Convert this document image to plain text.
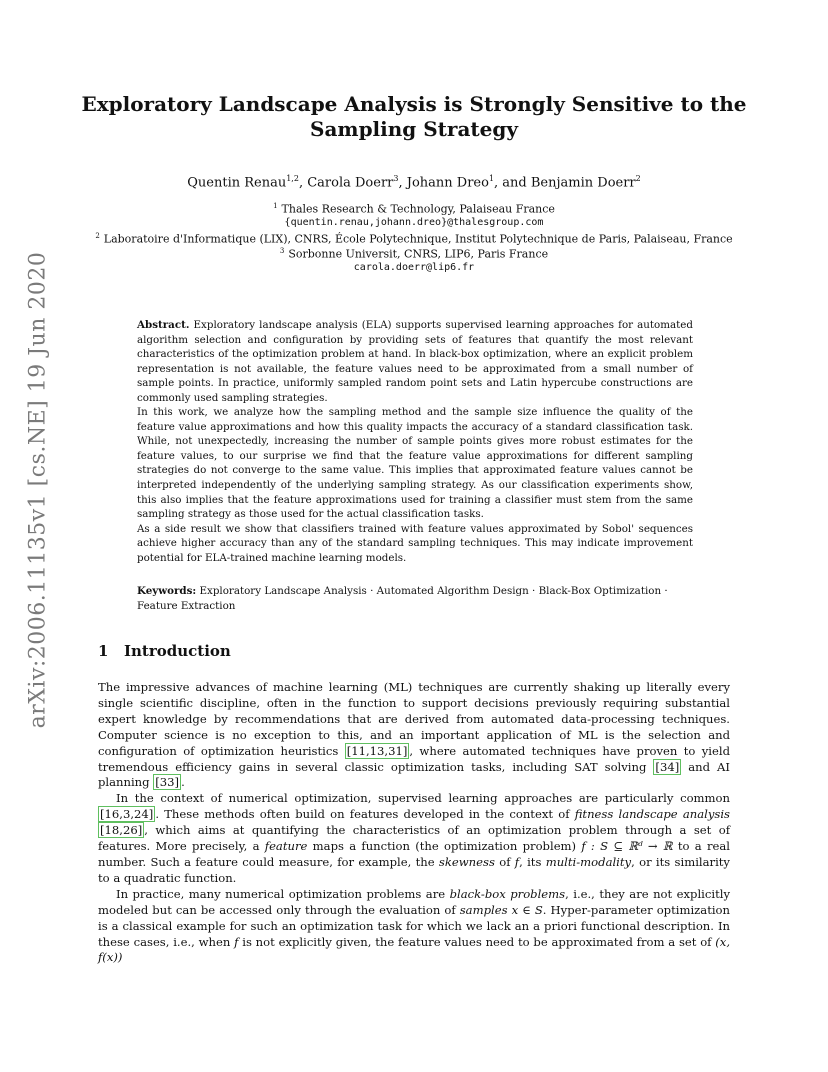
arXiv:2006.11135v1 [cs.NE] 19 Jun 2020
Exploratory Landscape Analysis is Strongly Sensitive to the
Sampling Strategy
Quentin Renau$^{1,2}$, Carola Doerr$^3$, Johann Dreo$^1$, and Benjamin Doerr$^2$
$^1$ Thales Research & Technology, Palaiseau France
{quentin.renau,johann.dreo}@thalesgroup.com
$^2$ Laboratoire d'Informatique (LIX), CNRS, École Polytechnique, Institut Polytechnique de Paris, Palaiseau, France
$^3$ Sorbonne Universit, CNRS, LIP6, Paris France
carola.doerr@lip6.fr

Abstract. Exploratory landscape analysis (ELA) supports supervised learning approaches for automated algorithm selection and configuration by providing sets of features that quantify the most relevant characteristics of the optimization problem at hand. In black-box optimization, where an explicit problem representation is not available, the feature values need to be approximated from a small number of sample points. In practice, uniformly sampled random point sets and Latin hypercube constructions are commonly used sampling strategies.

In this work, we analyze how the sampling method and the sample size influence the quality of the feature value approximations and how this quality impacts the accuracy of a standard classification task. While, not unexpectedly, increasing the number of sample points gives more robust estimates for the feature values, to our surprise we find that the feature value approximations for different sampling strategies do not converge to the same value. This implies that approximated feature values cannot be interpreted independently of the underlying sampling strategy. As our classification experiments show, this also implies that the feature approximations used for training a classifier must stem from the same sampling strategy as those used for the actual classification tasks.

As a side result we show that classifiers trained with feature values approximated by Sobol' sequences achieve higher accuracy than any of the standard sampling techniques. This may indicate improvement potential for ELA-trained machine learning models.

Keywords: Exploratory Landscape Analysis · Automated Algorithm Design · Black-Box Optimization · Feature Extraction
1 Introduction

The impressive advances of machine learning (ML) techniques are currently shaking up literally every single scientific discipline, often in the function to support decisions previously requiring substantial expert knowledge by recommendations that are derived from automated data-processing techniques. Computer science is no exception to this, and an important application of ML is the selection and configuration of optimization heuristics [11,13,31] , where automated techniques have proven to yield tremendous efficiency gains in several classic optimization tasks, including SAT solving [34] and AI planning [33] .

In the context of numerical optimization, supervised learning approaches are particularly common [16,3,24] . These methods often build on features developed in the context of fitness landscape analysis [18,26] , which aims at quantifying the characteristics of an optimization problem through a set of features. More precisely, a feature maps a function (the optimization problem) f : S ⊆ ℝᵈ → ℝ to a real number. Such a feature could measure, for example, the skewness of f, its multi-modality, or its similarity to a quadratic function.

In practice, many numerical optimization problems are black-box problems, i.e., they are not explicitly modeled but can be accessed only through the evaluation of samples x ∈ S. Hyper-parameter optimization is a classical example for such an optimization task for which we lack an a priori functional description. In these cases, i.e., when f is not explicitly given, the feature values need to be approximated from a set of (x, f(x))
